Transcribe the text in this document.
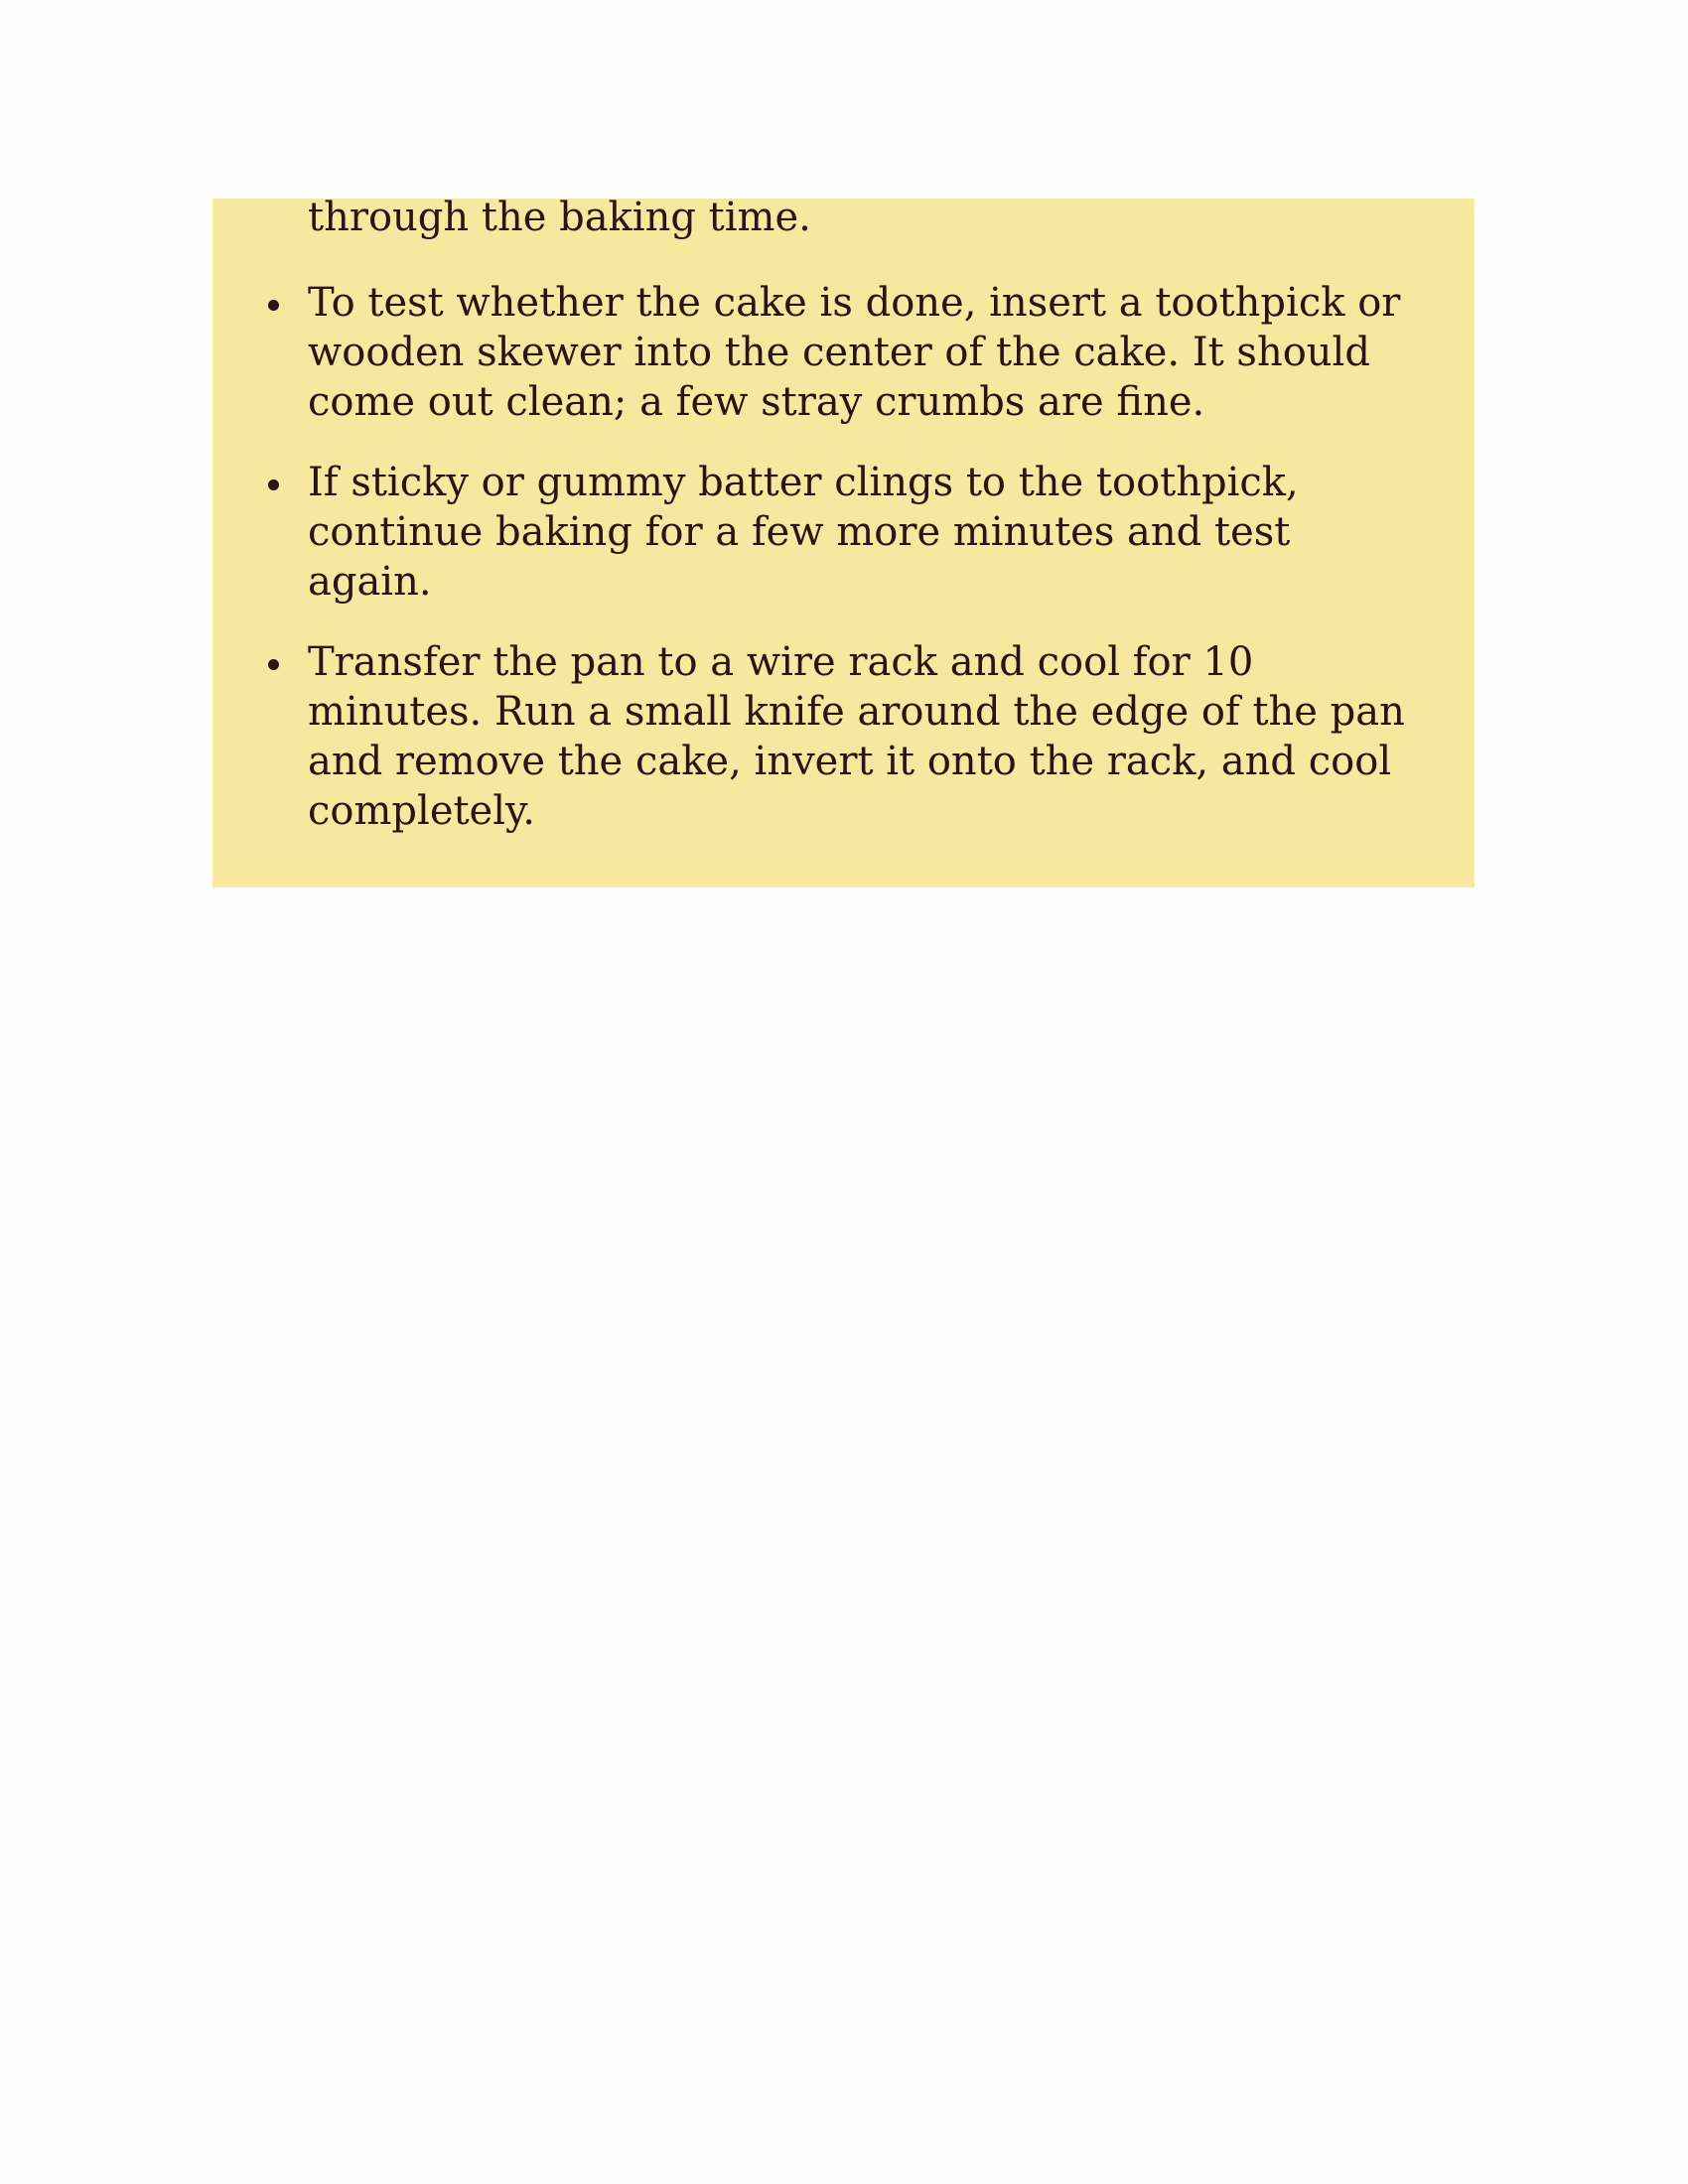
through the baking time.

To test whether the cake is done, insert a toothpick or wooden skewer into the center of the cake. It should come out clean; a few stray crumbs are fine.
If sticky or gummy batter clings to the toothpick, continue baking for a few more minutes and test again.
Transfer the pan to a wire rack and cool for 10 minutes. Run a small knife around the edge of the pan and remove the cake, invert it onto the rack, and cool completely.
